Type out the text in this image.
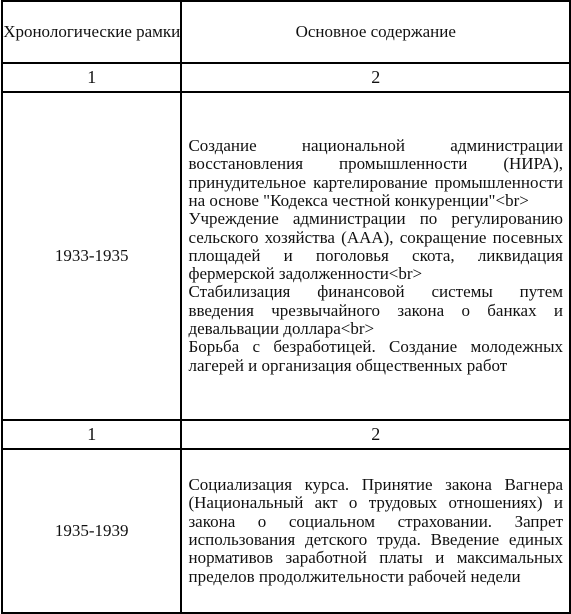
Хронологические рамки	Основное содержание

1	2

1933-1935	Создание национальной администрации восстановления промышленности (НИРА), принудительное картелирование промышленности на основе "Кодекса честной конкуренции"<br>

Учреждение администрации по регулированию сельского хозяйства (ААА), сокращение посевных площадей и поголовья скота, ликвидация фермерской задолженности<br>

Стабилизация финансовой системы путем введения чрезвычайного закона о банках и девальвации доллара<br>

Борьба с безработицей. Создание молодежных лагерей и организация общественных работ

1	2

1935-1939	Социализация курса. Принятие закона Вагнера (Национальный акт о трудовых отношениях) и закона о социальном страховании. Запрет использования детского труда. Введение единых нормативов заработной платы и максимальных пределов продолжительности рабочей недели
